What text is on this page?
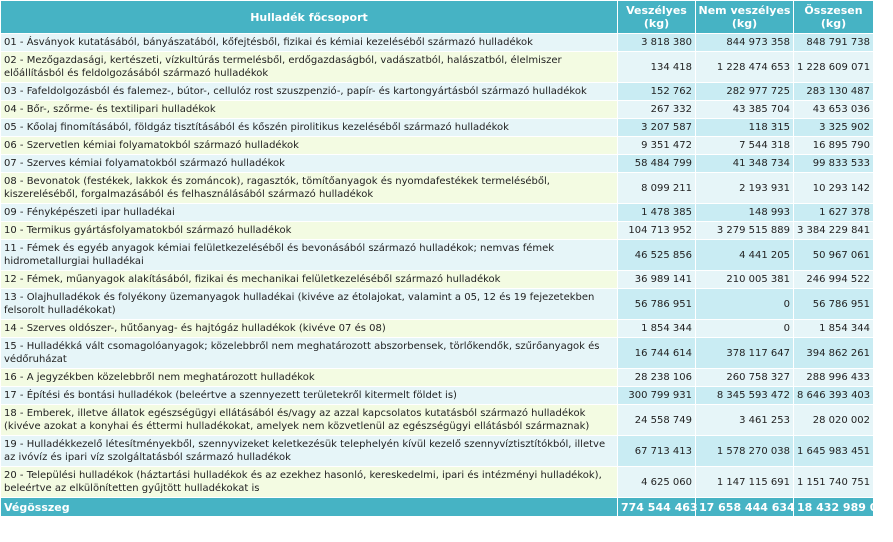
Hulladék főcsoport	Veszélyes (kg)	Nem veszélyes (kg)	Összesen (kg)
01 - Ásványok kutatásából, bányászatából, kőfejtésből, fizikai és kémiai kezeléséből származó hulladékok	3 818 380	844 973 358	848 791 738
02 - Mezőgazdasági, kertészeti, vízkultúrás termelésből, erdőgazdaságból, vadászatból, halászatból, élelmiszer előállításból és feldolgozásából származó hulladékok	134 418	1 228 474 653	1 228 609 071
03 - Fafeldolgozásból és falemez-, bútor-, cellulóz rost szuszpenzió-, papír- és kartongyártásból származó hulladékok	152 762	282 977 725	283 130 487
04 - Bőr-, szőrme- és textilipari hulladékok	267 332	43 385 704	43 653 036
05 - Kőolaj finomításából, földgáz tisztításából és kőszén pirolitikus kezeléséből származó hulladékok	3 207 587	118 315	3 325 902
06 - Szervetlen kémiai folyamatokból származó hulladékok	9 351 472	7 544 318	16 895 790
07 - Szerves kémiai folyamatokból származó hulladékok	58 484 799	41 348 734	99 833 533
08 - Bevonatok (festékek, lakkok és zománcok), ragasztók, tömítőanyagok és nyomdafestékek termeléséből, kiszereléséből, forgalmazásából és felhasználásából származó hulladékok	8 099 211	2 193 931	10 293 142
09 - Fényképészeti ipar hulladékai	1 478 385	148 993	1 627 378
10 - Termikus gyártásfolyamatokból származó hulladékok	104 713 952	3 279 515 889	3 384 229 841
11 - Fémek és egyéb anyagok kémiai felületkezeléséből és bevonásából származó hulladékok; nemvas fémek hidrometallurgiai hulladékai	46 525 856	4 441 205	50 967 061
12 - Fémek, műanyagok alakításából, fizikai és mechanikai felületkezeléséből származó hulladékok	36 989 141	210 005 381	246 994 522
13 - Olajhulladékok és folyékony üzemanyagok hulladékai (kivéve az étolajokat, valamint a 05, 12 és 19 fejezetekben felsorolt hulladékokat)	56 786 951	0	56 786 951
14 - Szerves oldószer-, hűtőanyag- és hajtógáz hulladékok (kivéve 07 és 08)	1 854 344	0	1 854 344
15 - Hulladékká vált csomagolóanyagok; közelebbről nem meghatározott abszorbensek, törlőkendők, szűrőanyagok és védőruházat	16 744 614	378 117 647	394 862 261
16 - A jegyzékben közelebbről nem meghatározott hulladékok	28 238 106	260 758 327	288 996 433
17 - Építési és bontási hulladékok (beleértve a szennyezett területekről kitermelt földet is)	300 799 931	8 345 593 472	8 646 393 403
18 - Emberek, illetve állatok egészségügyi ellátásából és/vagy az azzal kapcsolatos kutatásból származó hulladékok (kivéve azokat a konyhai és éttermi hulladékokat, amelyek nem közvetlenül az egészségügyi ellátásból származnak)	24 558 749	3 461 253	28 020 002
19 - Hulladékkezelő létesítményekből, szennyvizeket keletkezésük telephelyén kívül kezelő szennyvíztisztítókból, illetve az ivóvíz és ipari víz szolgáltatásból származó hulladékok	67 713 413	1 578 270 038	1 645 983 451
20 - Települési hulladékok (háztartási hulladékok és az ezekhez hasonló, kereskedelmi, ipari és intézményi hulladékok), beleértve az elkülönítetten gyűjtött hulladékokat is	4 625 060	1 147 115 691	1 151 740 751
Végösszeg	774 544 463	17 658 444 634	18 432 989 097
